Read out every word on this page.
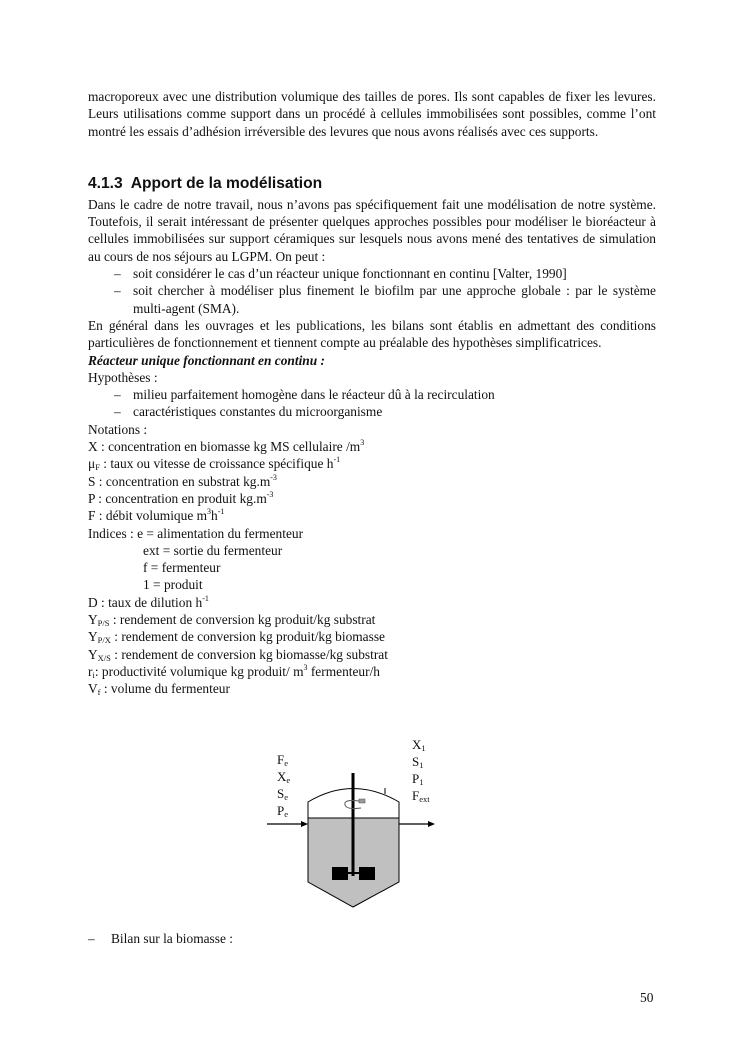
macroporeux avec une distribution volumique des tailles de pores. Ils sont capables de fixer les levures. Leurs utilisations comme support dans un procédé à cellules immobilisées sont possibles, comme l’ont montré les essais d’adhésion irréversible des levures que nous avons réalisés avec ces supports.

4.1.3 Apport de la modélisation

Dans le cadre de notre travail, nous n’avons pas spécifiquement fait une modélisation de notre système. Toutefois, il serait intéressant de présenter quelques approches possibles pour modéliser le bioréacteur à cellules immobilisées sur support céramiques sur lesquels nous avons mené des tentatives de simulation au cours de nos séjours au LGPM. On peut :

– soit considérer le cas d’un réacteur unique fonctionnant en continu [Valter, 1990]
– soit chercher à modéliser plus finement le biofilm par une approche globale : par le système multi-agent (SMA).

En général dans les ouvrages et les publications, les bilans sont établis en admettant des conditions particulières de fonctionnement et tiennent compte au préalable des hypothèses simplificatrices.

Réacteur unique fonctionnant en continu :

Hypothèses :

– milieu parfaitement homogène dans le réacteur dû à la recirculation
– caractéristiques constantes du microorganisme

Notations :

X : concentration en biomasse kg MS cellulaire $/m^3$

$\mu_F$ : taux ou vitesse de croissance spécifique $h^{-1}$

S : concentration en substrat $kg.m^{-3}$

P : concentration en produit $kg.m^{-3}$

F : débit volumique $m^3h^{-1}$

Indices : e = alimentation du fermenteur

ext = sortie du fermenteur

f = fermenteur

1 = produit

D : taux de dilution $h^{-1}$

$Y_{P/S}$ : rendement de conversion kg produit/kg substrat

$Y_{P/X}$ : rendement de conversion kg produit/kg biomasse

$Y_{X/S}$ : rendement de conversion kg biomasse/kg substrat

$r_i$: productivité volumique kg produit/ $m^3$ fermenteur/h

$V_f$ : volume du fermenteur

$F_e$
$X_e$
$S_e$
$P_e$
$X_1$
$S_1$
$P_1$
$F_{ext}$
– Bilan sur la biomasse :
50
